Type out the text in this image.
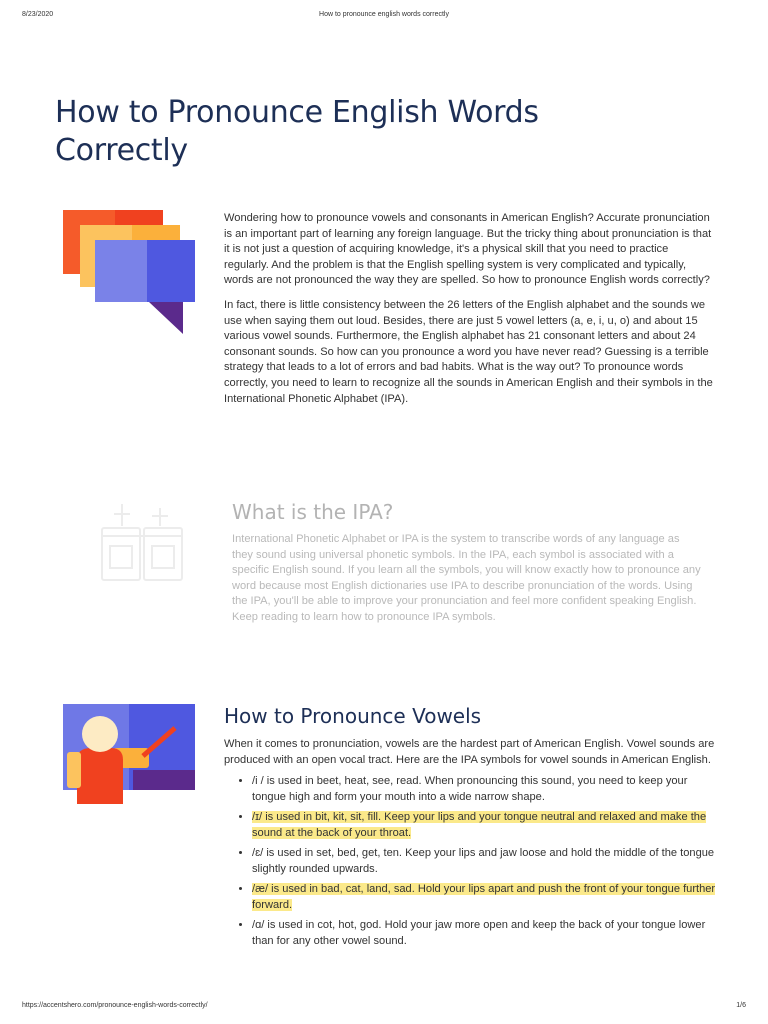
8/23/2020	How to pronounce english words correctly
How to Pronounce English Words Correctly

Wondering how to pronounce vowels and consonants in American English? Accurate pronunciation is an important part of learning any foreign language. But the tricky thing about pronunciation is that it is not just a question of acquiring knowledge, it's a physical skill that you need to practice regularly. And the problem is that the English spelling system is very complicated and typically, words are not pronounced the way they are spelled. So how to pronounce English words correctly?

In fact, there is little consistency between the 26 letters of the English alphabet and the sounds we use when saying them out loud. Besides, there are just 5 vowel letters (a, e, i, u, o) and about 15 various vowel sounds. Furthermore, the English alphabet has 21 consonant letters and about 24 consonant sounds. So how can you pronounce a word you have never read? Guessing is a terrible strategy that leads to a lot of errors and bad habits. What is the way out? To pronounce words correctly, you need to learn to recognize all the sounds in American English and their symbols in the International Phonetic Alphabet (IPA).

What is the IPA?

International Phonetic Alphabet or IPA is the system to transcribe words of any language as they sound using universal phonetic symbols. In the IPA, each symbol is associated with a specific English sound. If you learn all the symbols, you will know exactly how to pronounce any word because most English dictionaries use IPA to describe pronunciation of the words. Using the IPA, you'll be able to improve your pronunciation and feel more confident speaking English. Keep reading to learn how to pronounce IPA symbols.

How to Pronounce Vowels

When it comes to pronunciation, vowels are the hardest part of American English. Vowel sounds are produced with an open vocal tract. Here are the IPA symbols for vowel sounds in American English.

• /i / is used in beet, heat, see, read. When pronouncing this sound, you need to keep your tongue high and form your mouth into a wide narrow shape.
• /ɪ/ is used in bit, kit, sit, fill. Keep your lips and your tongue neutral and relaxed and make the sound at the back of your throat.
• /ɛ/ is used in set, bed, get, ten. Keep your lips and jaw loose and hold the middle of the tongue slightly rounded upwards.
• /æ/ is used in bad, cat, land, sad. Hold your lips apart and push the front of your tongue further forward.
• /ɑ/ is used in cot, hot, god. Hold your jaw more open and keep the back of your tongue lower than for any other vowel sound.
https://accentshero.com/pronounce-english-words-correctly/	1/6
